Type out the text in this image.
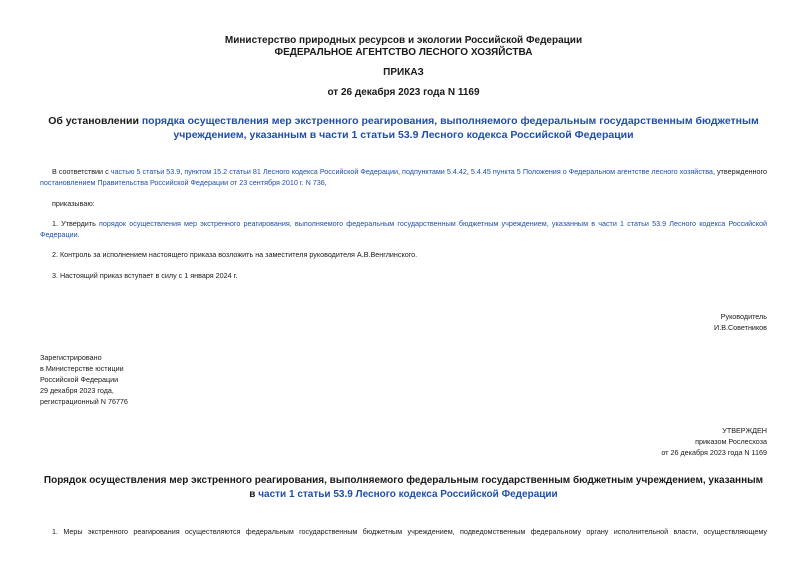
Министерство природных ресурсов и экологии Российской Федерации
ФЕДЕРАЛЬНОЕ АГЕНТСТВО ЛЕСНОГО ХОЗЯЙСТВА
ПРИКАЗ
от 26 декабря 2023 года N 1169
Об установлении порядка осуществления мер экстренного реагирования, выполняемого федеральным государственным бюджетным учреждением, указанным в части 1 статьи 53.9 Лесного кодекса Российской Федерации
В соответствии с частью 5 статьи 53.9, пунктом 15.2 статьи 81 Лесного кодекса Российской Федерации, подпунктами 5.4.42, 5.4.45 пункта 5 Положения о Федеральном агентстве лесного хозяйства, утвержденного постановлением Правительства Российской Федерации от 23 сентября 2010 г. N 736,
приказываю:
1. Утвердить порядок осуществления мер экстренного реагирования, выполняемого федеральным государственным бюджетным учреждением, указанным в части 1 статьи 53.9 Лесного кодекса Российской Федерации.
2. Контроль за исполнением настоящего приказа возложить на заместителя руководителя А.В.Венглинского.
3. Настоящий приказ вступает в силу с 1 января 2024 г.
Руководитель
И.В.Советников
Зарегистрировано
в Министерстве юстиции
Российской Федерации
29 декабря 2023 года,
регистрационный N 76776
УТВЕРЖДЕН
приказом Рослесхоза
от 26 декабря 2023 года N 1169
Порядок осуществления мер экстренного реагирования, выполняемого федеральным государственным бюджетным учреждением, указанным в части 1 статьи 53.9 Лесного кодекса Российской Федерации
1. Меры экстренного реагирования осуществляются федеральным государственным бюджетным учреждением, подведомственным федеральному органу исполнительной власти, осуществляющему
